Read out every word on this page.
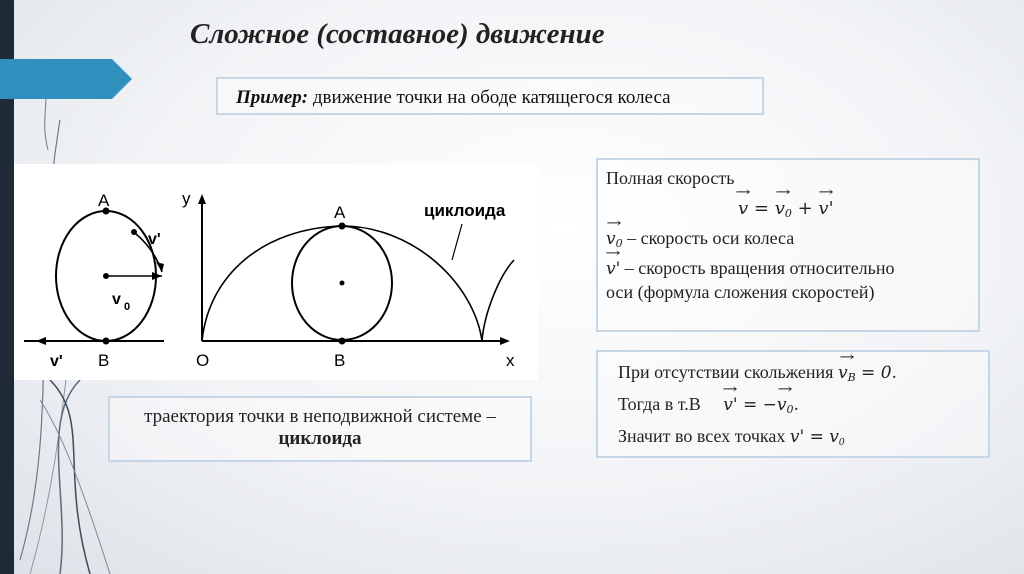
Сложное (составное) движение
Пример: движение точки на ободе катящегося колеса
A
B
v'
v 0
v'
y
A	циклоида
O	B	x
траектория точки в неподвижной системе –
циклоида
Полная скорость
→ v = → $v_0$ + → v'
→ $v_0$ – скорость оси колеса
→ v' – скорость вращения относительно
оси (формула сложения скоростей)
При отсутствии скольжения → $v_B = 0$.
Тогда в т.В     → v' = −→ $v_0$.
Значит во всех точках $v' = v_0$
